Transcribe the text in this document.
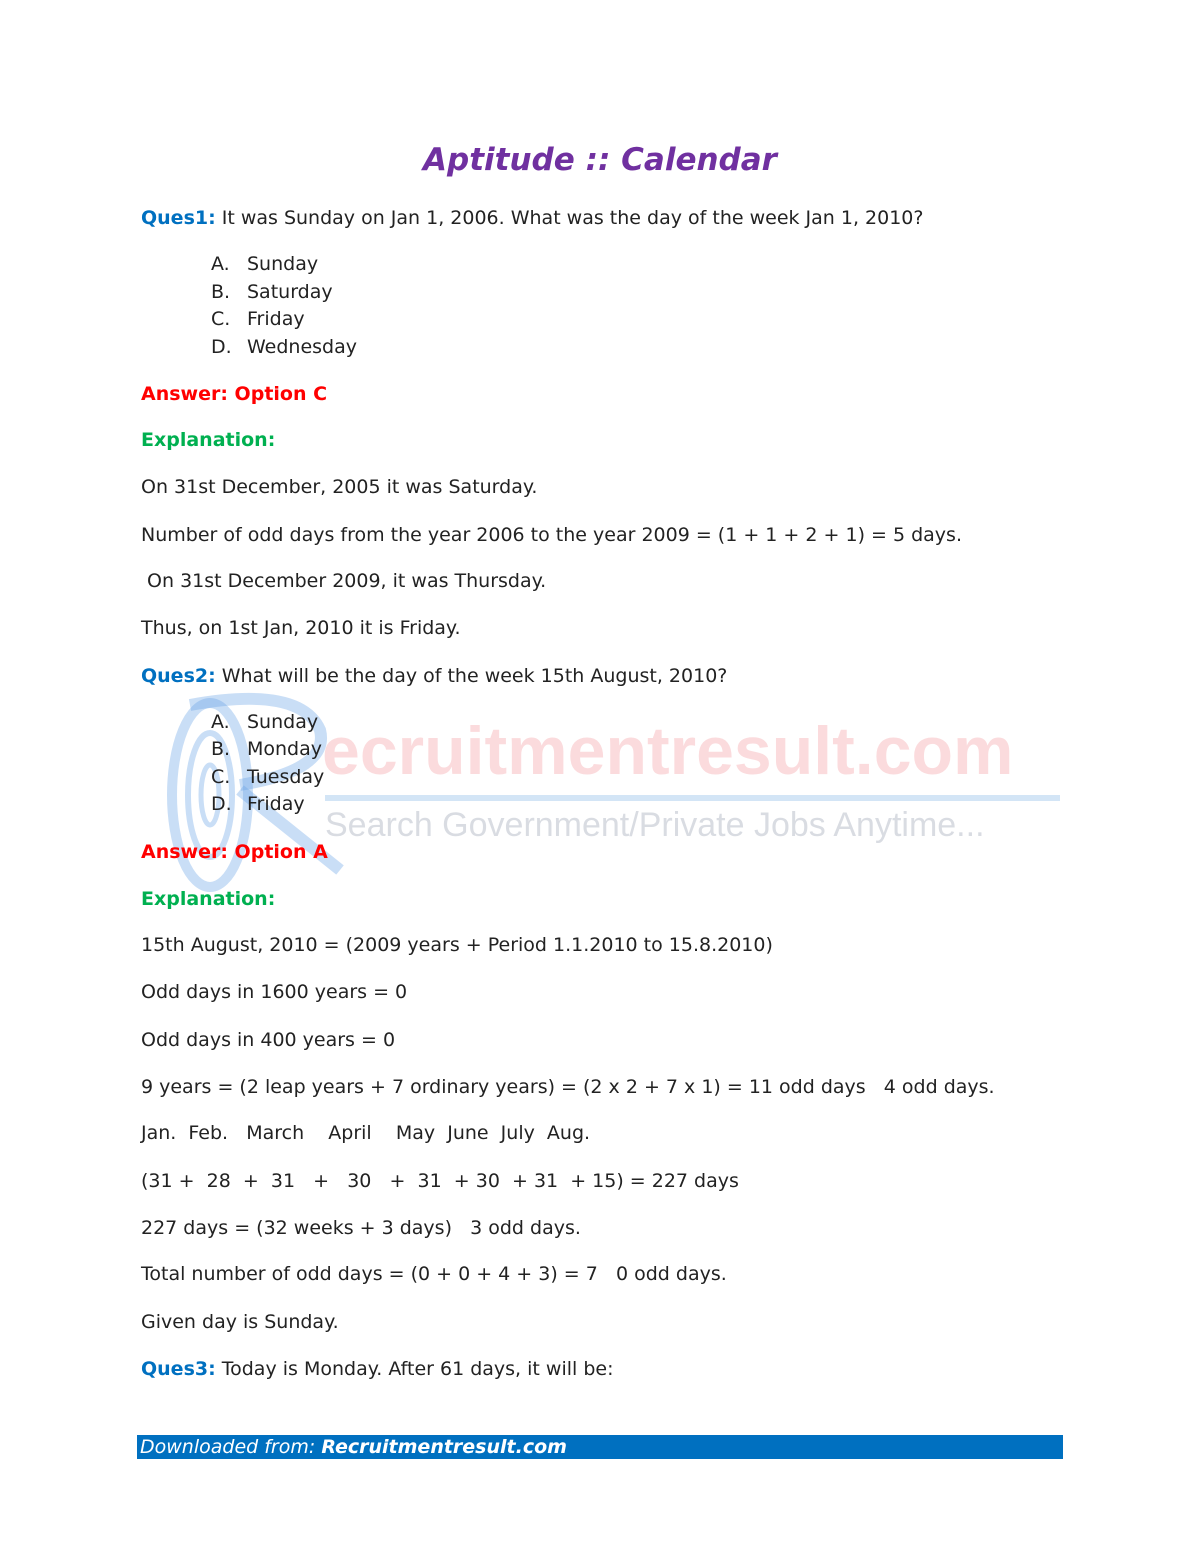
Aptitude :: Calendar
Ques1: It was Sunday on Jan 1, 2006. What was the day of the week Jan 1, 2010?
A. Sunday
B. Saturday
C. Friday
D. Wednesday
Answer: Option C
Explanation:
On 31st December, 2005 it was Saturday.
Number of odd days from the year 2006 to the year 2009 = (1 + 1 + 2 + 1) = 5 days.
On 31st December 2009, it was Thursday.
Thus, on 1st Jan, 2010 it is Friday.
ecruitmentresult.com
Search Government/Private Jobs Anytime...
Ques2: What will be the day of the week 15th August, 2010?
A. Sunday
B. Monday
C. Tuesday
D. Friday
Answer: Option A
Explanation:
15th August, 2010 = (2009 years + Period 1.1.2010 to 15.8.2010)
Odd days in 1600 years = 0
Odd days in 400 years = 0
9 years = (2 leap years + 7 ordinary years) = (2 x 2 + 7 x 1) = 11 odd days   4 odd days.
Jan.  Feb.   March    April    May  June  July  Aug.
(31 +  28  +  31   +   30   +  31  + 30  + 31  + 15) = 227 days
227 days = (32 weeks + 3 days)   3 odd days.
Total number of odd days = (0 + 0 + 4 + 3) = 7   0 odd days.
Given day is Sunday.
Ques3: Today is Monday. After 61 days, it will be:
Downloaded from: Recruitmentresult.com
